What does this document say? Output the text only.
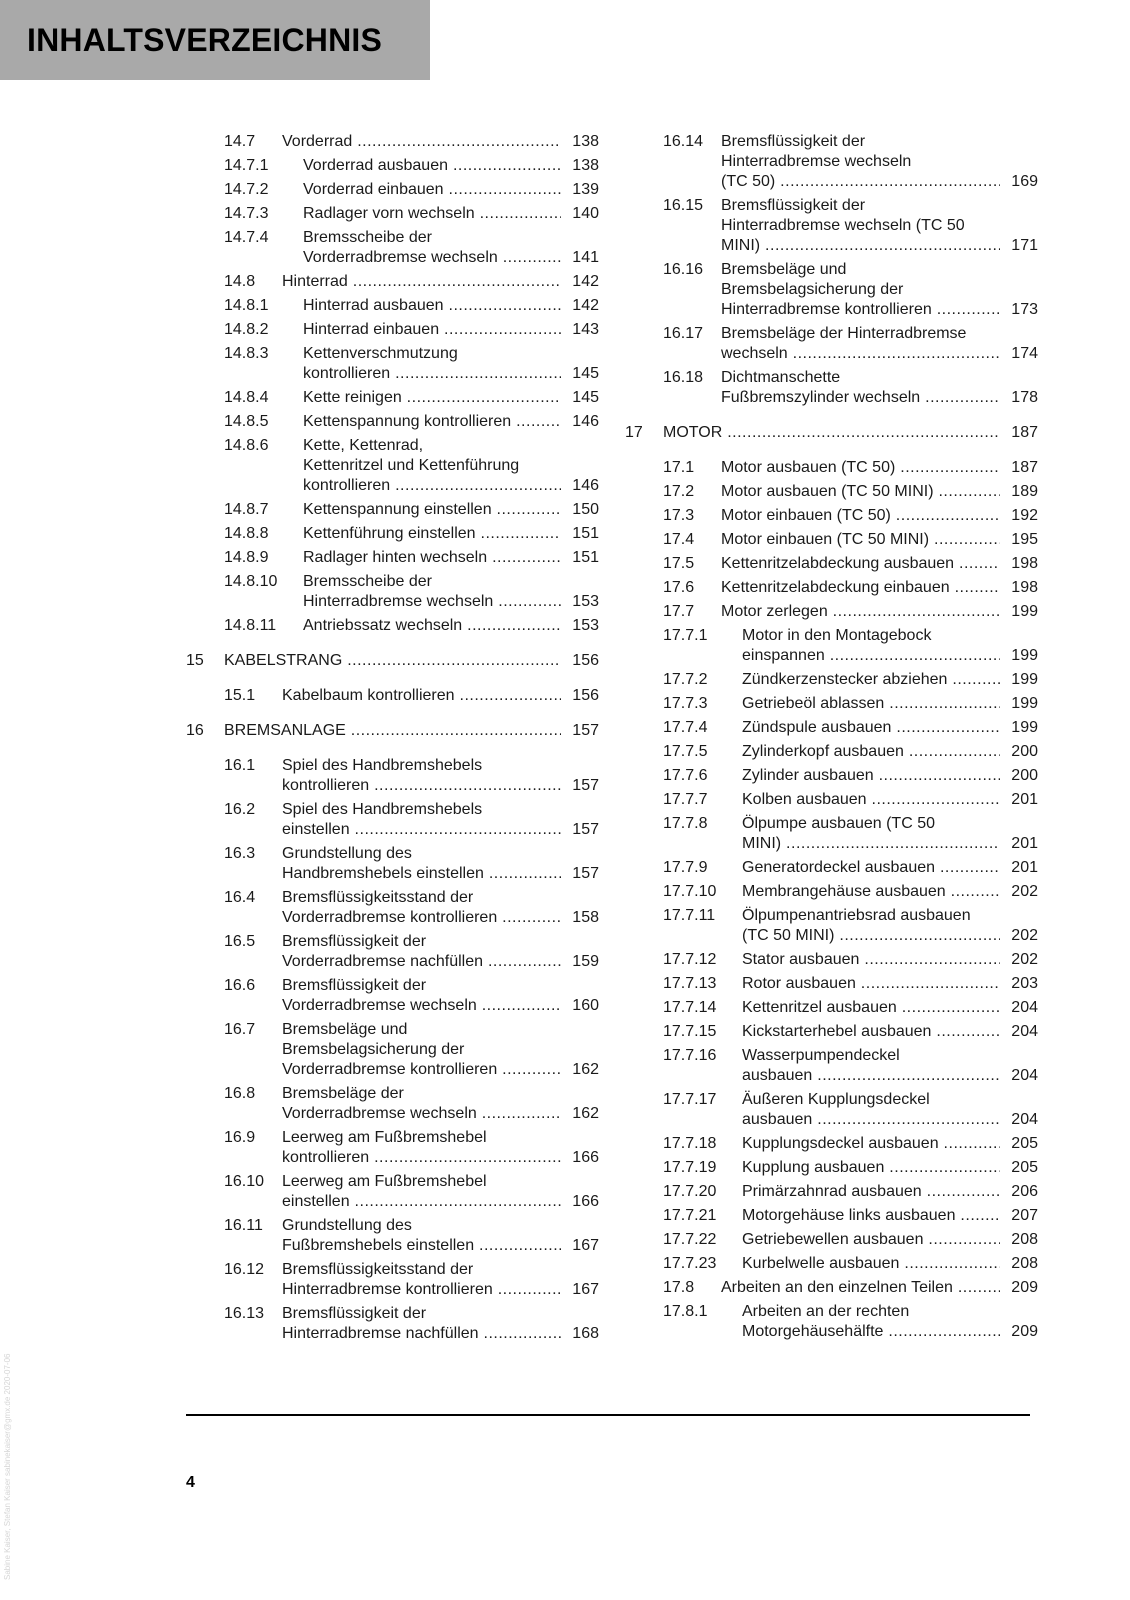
INHALTSVERZEICHNIS
14.7 Vorderrad .....	138
14.7.1 Vorderrad ausbauen .....	138
14.7.2 Vorderrad einbauen .....	139
14.7.3 Radlager vorn wechseln .....	140
14.7.4 Bremsscheibe der
Vorderradbremse wechseln .....	141
14.8 Hinterrad .....	142
14.8.1 Hinterrad ausbauen .....	142
14.8.2 Hinterrad einbauen .....	143
14.8.3 Kettenverschmutzung
kontrollieren .....	145
14.8.4 Kette reinigen .....	145
14.8.5 Kettenspannung kontrollieren .....	146
14.8.6 Kette, Kettenrad,
Kettenritzel und Kettenführung
kontrollieren .....	146
14.8.7 Kettenspannung einstellen .....	150
14.8.8 Kettenführung einstellen .....	151
14.8.9 Radlager hinten wechseln .....	151
14.8.10 Bremsscheibe der
Hinterradbremse wechseln .....	153
14.8.11 Antriebssatz wechseln .....	153
15 KABELSTRANG .....	156
15.1 Kabelbaum kontrollieren .....	156
16 BREMSANLAGE .....	157
16.1 Spiel des Handbremshebels
kontrollieren .....	157
16.2 Spiel des Handbremshebels
einstellen .....	157
16.3 Grundstellung des
Handbremshebels einstellen .....	157
16.4 Bremsflüssigkeitsstand der
Vorderradbremse kontrollieren .....	158
16.5 Bremsflüssigkeit der
Vorderradbremse nachfüllen .....	159
16.6 Bremsflüssigkeit der
Vorderradbremse wechseln .....	160
16.7 Bremsbeläge und
Bremsbelagsicherung der
Vorderradbremse kontrollieren .....	162
16.8 Bremsbeläge der
Vorderradbremse wechseln .....	162
16.9 Leerweg am Fußbremshebel
kontrollieren .....	166
16.10 Leerweg am Fußbremshebel
einstellen .....	166
16.11 Grundstellung des
Fußbremshebels einstellen .....	167
16.12 Bremsflüssigkeitsstand der
Hinterradbremse kontrollieren .....	167
16.13 Bremsflüssigkeit der
Hinterradbremse nachfüllen .....	168
16.14 Bremsflüssigkeit der
Hinterradbremse wechseln
(TC 50) .....	169
16.15 Bremsflüssigkeit der
Hinterradbremse wechseln (TC 50
MINI) .....	171
16.16 Bremsbeläge und
Bremsbelagsicherung der
Hinterradbremse kontrollieren .....	173
16.17 Bremsbeläge der Hinterradbremse
wechseln .....	174
16.18 Dichtmanschette
Fußbremszylinder wechseln .....	178
17 MOTOR .....	187
17.1 Motor ausbauen (TC 50) .....	187
17.2 Motor ausbauen (TC 50 MINI) .....	189
17.3 Motor einbauen (TC 50) .....	192
17.4 Motor einbauen (TC 50 MINI) .....	195
17.5 Kettenritzelabdeckung ausbauen .....	198
17.6 Kettenritzelabdeckung einbauen .....	198
17.7 Motor zerlegen .....	199
17.7.1 Motor in den Montagebock
einspannen .....	199
17.7.2 Zündkerzenstecker abziehen .....	199
17.7.3 Getriebeöl ablassen .....	199
17.7.4 Zündspule ausbauen .....	199
17.7.5 Zylinderkopf ausbauen .....	200
17.7.6 Zylinder ausbauen .....	200
17.7.7 Kolben ausbauen .....	201
17.7.8 Ölpumpe ausbauen (TC 50
MINI) .....	201
17.7.9 Generatordeckel ausbauen .....	201
17.7.10 Membrangehäuse ausbauen .....	202
17.7.11 Ölpumpenantriebsrad ausbauen
(TC 50 MINI) .....	202
17.7.12 Stator ausbauen .....	202
17.7.13 Rotor ausbauen .....	203
17.7.14 Kettenritzel ausbauen .....	204
17.7.15 Kickstarterhebel ausbauen .....	204
17.7.16 Wasserpumpendeckel
ausbauen .....	204
17.7.17 Äußeren Kupplungsdeckel
ausbauen .....	204
17.7.18 Kupplungsdeckel ausbauen .....	205
17.7.19 Kupplung ausbauen .....	205
17.7.20 Primärzahnrad ausbauen .....	206
17.7.21 Motorgehäuse links ausbauen .....	207
17.7.22 Getriebewellen ausbauen .....	208
17.7.23 Kurbelwelle ausbauen .....	208
17.8 Arbeiten an den einzelnen Teilen .....	209
17.8.1 Arbeiten an der rechten
Motorgehäusehälfte .....	209
4
Sabine Kaiser, Stefan Kaiser sabinekaiser@gmx.de 2020-07-06
